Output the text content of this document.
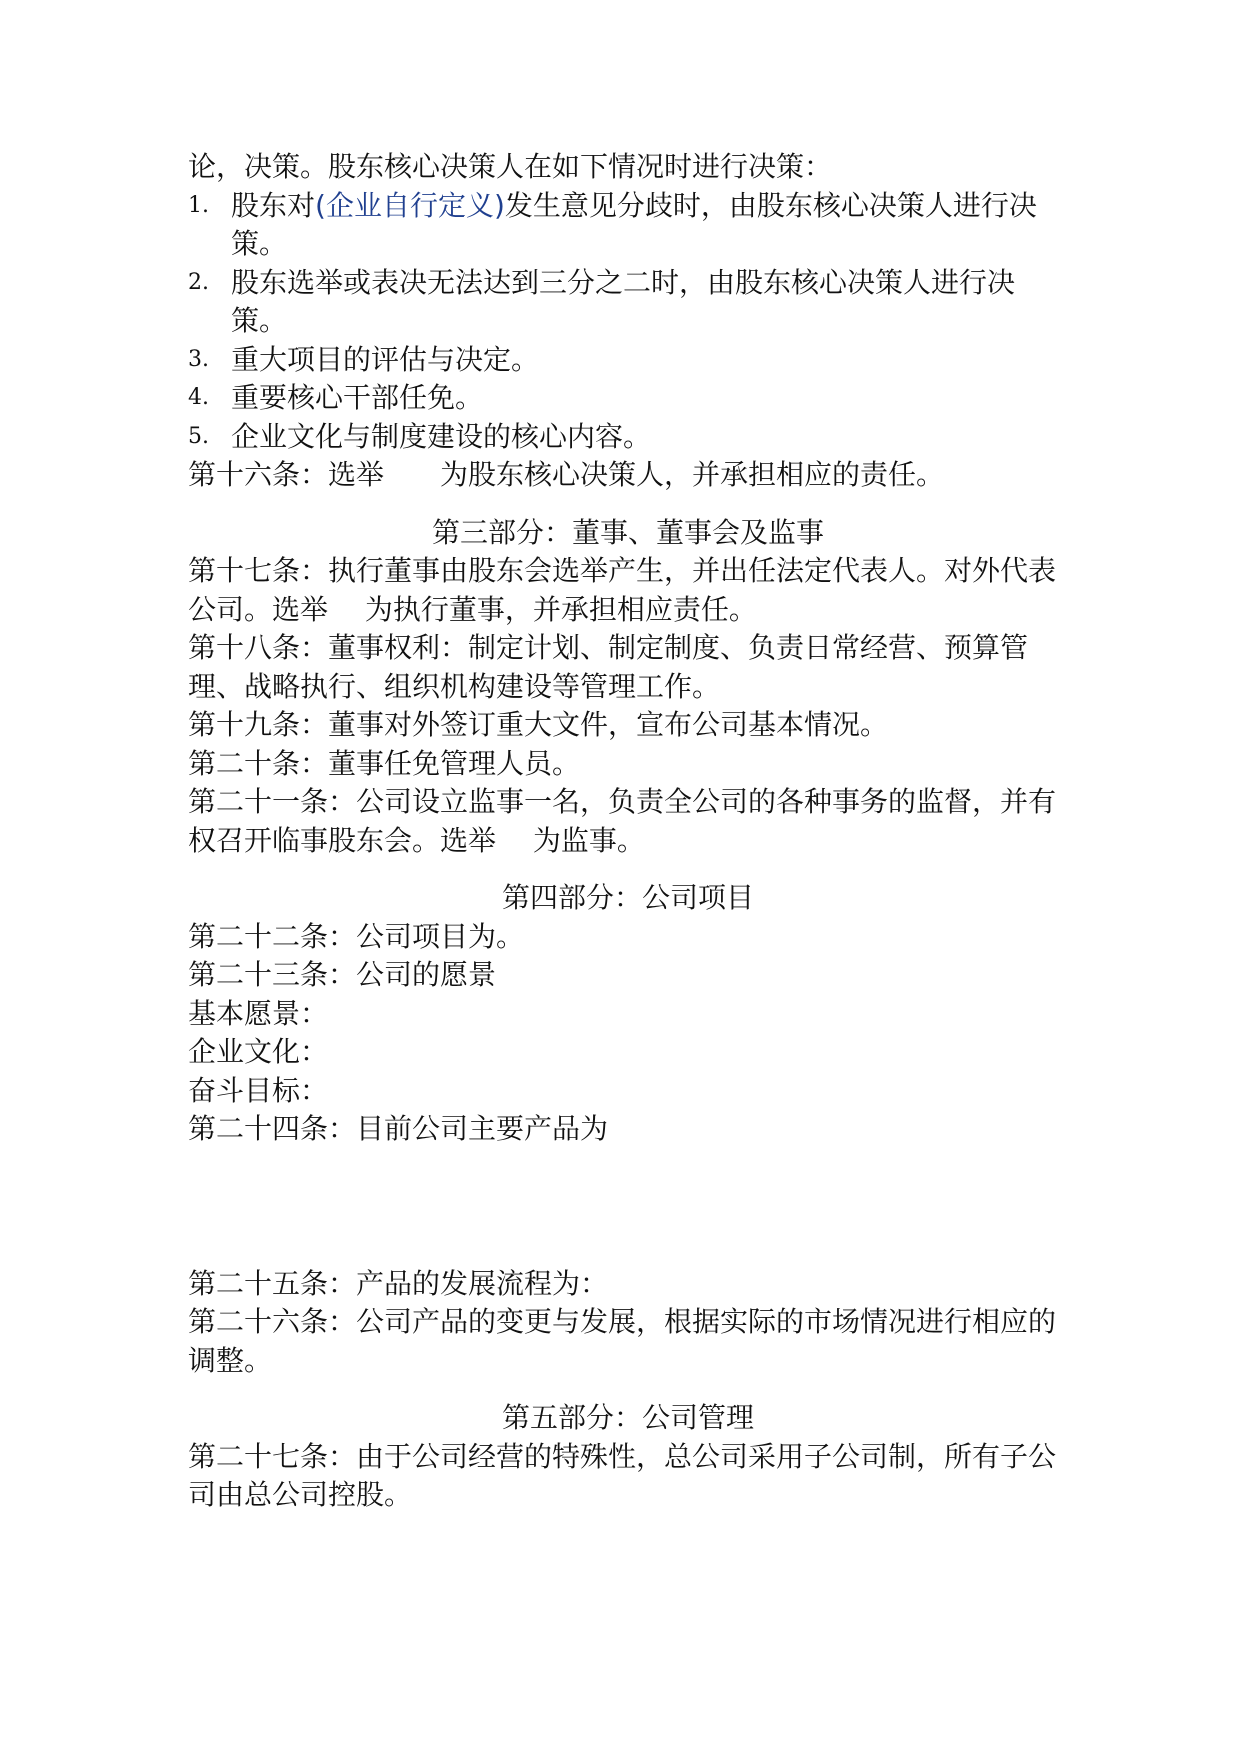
论，决策。股东核心决策人在如下情况时进行决策：

1. 股东对(企业自行定义)发生意见分歧时，由股东核心决策人进行决策。
2. 股东选举或表决无法达到三分之二时，由股东核心决策人进行决策。
3. 重大项目的评估与决定。
4. 重要核心干部任免。
5. 企业文化与制度建设的核心内容。

第十六条：选举　　为股东核心决策人，并承担相应的责任。

第三部分：董事、董事会及监事

第十七条：执行董事由股东会选举产生，并出任法定代表人。对外代表公司。选举　 为执行董事，并承担相应责任。

第十八条：董事权利：制定计划、制定制度、负责日常经营、预算管理、战略执行、组织机构建设等管理工作。

第十九条：董事对外签订重大文件，宣布公司基本情况。

第二十条：董事任免管理人员。

第二十一条：公司设立监事一名，负责全公司的各种事务的监督，并有权召开临事股东会。选举　 为监事。

第四部分：公司项目

第二十二条：公司项目为。

第二十三条：公司的愿景

基本愿景：

企业文化：

奋斗目标：

第二十四条：目前公司主要产品为

第二十五条：产品的发展流程为：

第二十六条：公司产品的变更与发展，根据实际的市场情况进行相应的调整。

第五部分：公司管理

第二十七条：由于公司经营的特殊性，总公司采用子公司制，所有子公司由总公司控股。
